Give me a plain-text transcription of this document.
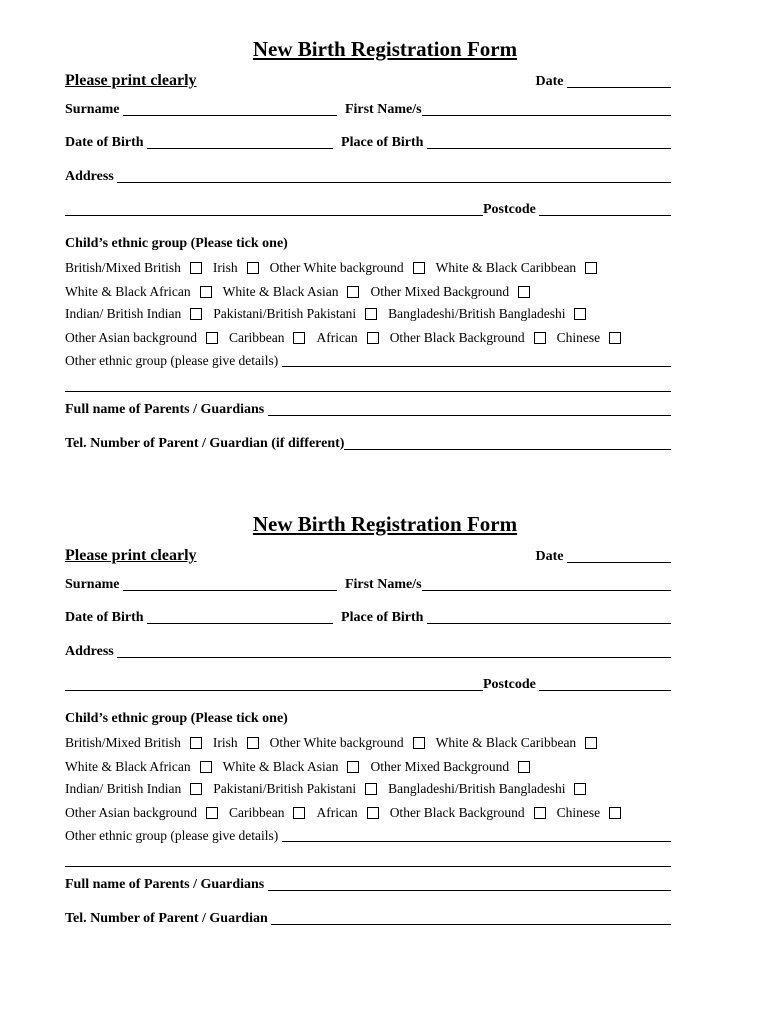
New Birth Registration Form
Please print clearly	Date

Surname
	First Name/s
Date of Birth
	Place of Birth

Address

Postcode

Child’s ethnic group (Please tick one)
British/Mixed British Irish Other White background White & Black Caribbean
White & Black African White & Black Asian Other Mixed Background
Indian/ British Indian Pakistani/British Pakistani Bangladeshi/British Bangladeshi
Other Asian background Caribbean African Other Black Background Chinese
Other ethnic group (please give details)

Full name of Parents / Guardians

Tel. Number of Parent / Guardian (if different)
New Birth Registration Form
Please print clearly	Date

Surname
	First Name/s
Date of Birth
	Place of Birth

Address

Postcode

Child’s ethnic group (Please tick one)
British/Mixed British Irish Other White background White & Black Caribbean
White & Black African White & Black Asian Other Mixed Background
Indian/ British Indian Pakistani/British Pakistani Bangladeshi/British Bangladeshi
Other Asian background Caribbean African Other Black Background Chinese
Other ethnic group (please give details)

Full name of Parents / Guardians

Tel. Number of Parent / Guardian
